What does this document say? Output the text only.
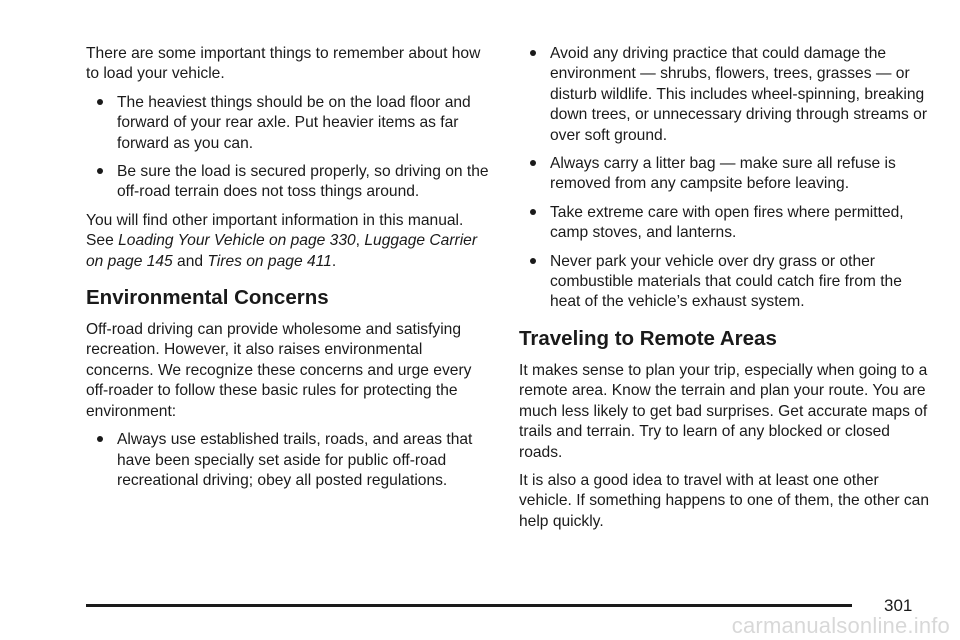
There are some important things to remember about how to load your vehicle.

The heaviest things should be on the load floor and forward of your rear axle. Put heavier items as far forward as you can.

Be sure the load is secured properly, so driving on the off-road terrain does not toss things around.

You will find other important information in this manual. See Loading Your Vehicle on page 330, Luggage Carrier on page 145 and Tires on page 411.

Environmental Concerns

Off-road driving can provide wholesome and satisfying recreation. However, it also raises environmental concerns. We recognize these concerns and urge every off-roader to follow these basic rules for protecting the environment:

Always use established trails, roads, and areas that have been specially set aside for public off-road recreational driving; obey all posted regulations.

Avoid any driving practice that could damage the environment — shrubs, flowers, trees, grasses — or disturb wildlife. This includes wheel-spinning, breaking down trees, or unnecessary driving through streams or over soft ground.

Always carry a litter bag — make sure all refuse is removed from any campsite before leaving.

Take extreme care with open fires where permitted, camp stoves, and lanterns.

Never park your vehicle over dry grass or other combustible materials that could catch fire from the heat of the vehicle’s exhaust system.

Traveling to Remote Areas

It makes sense to plan your trip, especially when going to a remote area. Know the terrain and plan your route. You are much less likely to get bad surprises. Get accurate maps of trails and terrain. Try to learn of any blocked or closed roads.

It is also a good idea to travel with at least one other vehicle. If something happens to one of them, the other can help quickly.

301
carmanualsonline.info
